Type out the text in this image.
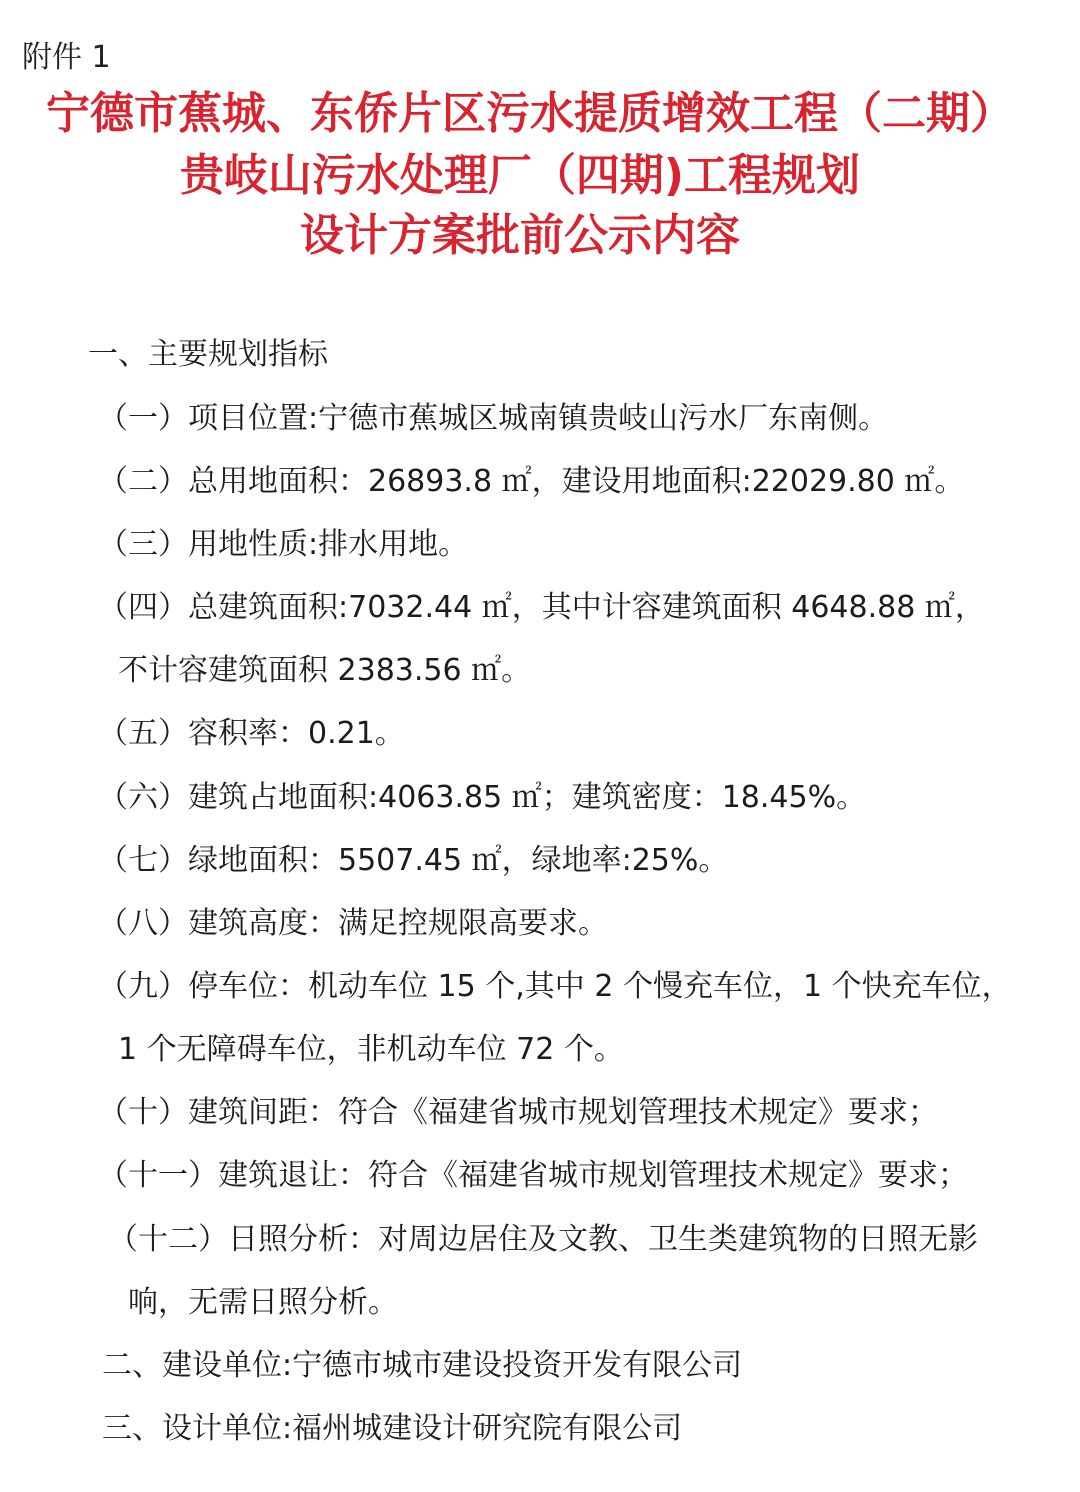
附件 1
宁德市蕉城、东侨片区污水提质增效工程（二期）
贵岐山污水处理厂（四期)工程规划
设计方案批前公示内容
一、主要规划指标
（一）项目位置:宁德市蕉城区城南镇贵岐山污水厂东南侧。
（二）总用地面积：26893.8 ㎡，建设用地面积:22029.80 ㎡。
（三）用地性质:排水用地。
（四）总建筑面积:7032.44 ㎡，其中计容建筑面积 4648.88 ㎡，
不计容建筑面积 2383.56 ㎡。
（五）容积率：0.21。
（六）建筑占地面积:4063.85 ㎡；建筑密度：18.45%。
（七）绿地面积：5507.45 ㎡，绿地率:25%。
（八）建筑高度：满足控规限高要求。
（九）停车位：机动车位 15 个,其中 2 个慢充车位，1 个快充车位，
1 个无障碍车位，非机动车位 72 个。
（十）建筑间距：符合《福建省城市规划管理技术规定》要求；
（十一）建筑退让：符合《福建省城市规划管理技术规定》要求；
（十二）日照分析：对周边居住及文教、卫生类建筑物的日照无影
响，无需日照分析。
二、建设单位:宁德市城市建设投资开发有限公司
三、设计单位:福州城建设计研究院有限公司
